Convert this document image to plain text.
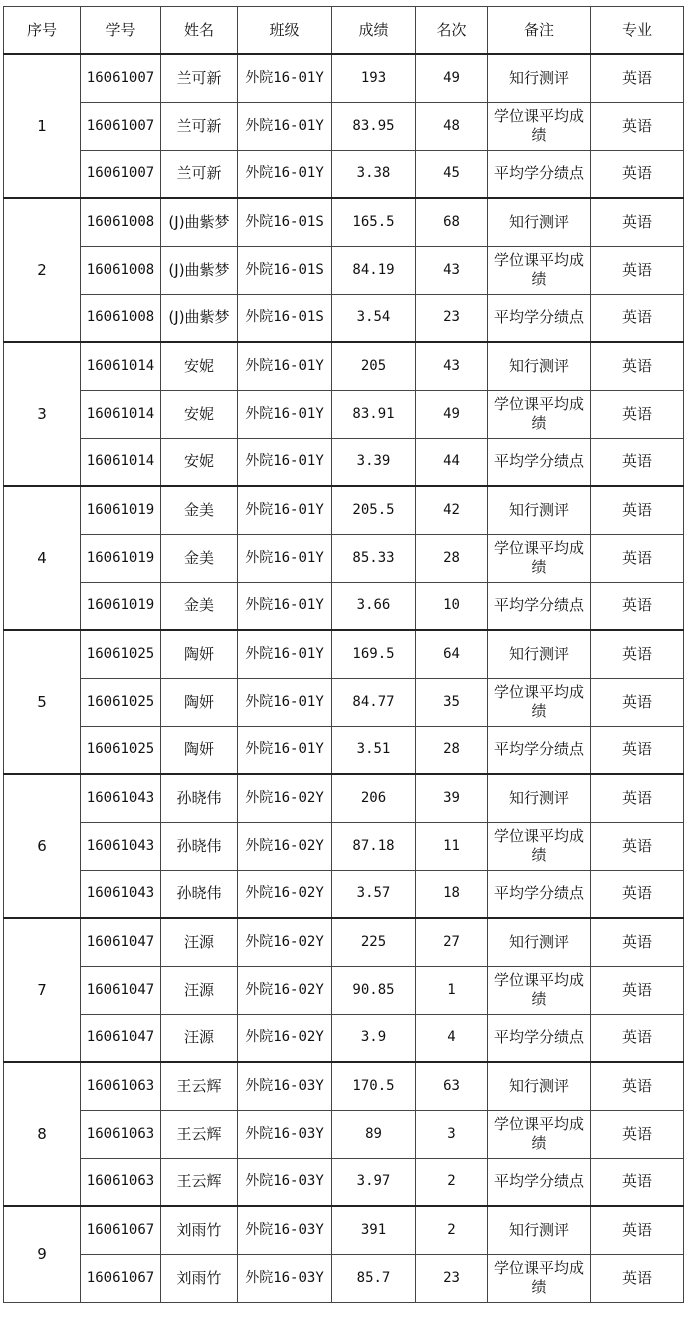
序号	学号	姓名	班级	成绩	名次	备注	专业
1	16061007	兰可新	外院16-01Y	193	49	知行测评	英语
	16061007	兰可新	外院16-01Y	83.95	48	学位课平均成绩	英语
	16061007	兰可新	外院16-01Y	3.38	45	平均学分绩点	英语
2	16061008	(J)曲紫梦	外院16-01S	165.5	68	知行测评	英语
	16061008	(J)曲紫梦	外院16-01S	84.19	43	学位课平均成绩	英语
	16061008	(J)曲紫梦	外院16-01S	3.54	23	平均学分绩点	英语
3	16061014	安妮	外院16-01Y	205	43	知行测评	英语
	16061014	安妮	外院16-01Y	83.91	49	学位课平均成绩	英语
	16061014	安妮	外院16-01Y	3.39	44	平均学分绩点	英语
4	16061019	金美	外院16-01Y	205.5	42	知行测评	英语
	16061019	金美	外院16-01Y	85.33	28	学位课平均成绩	英语
	16061019	金美	外院16-01Y	3.66	10	平均学分绩点	英语
5	16061025	陶妍	外院16-01Y	169.5	64	知行测评	英语
	16061025	陶妍	外院16-01Y	84.77	35	学位课平均成绩	英语
	16061025	陶妍	外院16-01Y	3.51	28	平均学分绩点	英语
6	16061043	孙晓伟	外院16-02Y	206	39	知行测评	英语
	16061043	孙晓伟	外院16-02Y	87.18	11	学位课平均成绩	英语
	16061043	孙晓伟	外院16-02Y	3.57	18	平均学分绩点	英语
7	16061047	汪源	外院16-02Y	225	27	知行测评	英语
	16061047	汪源	外院16-02Y	90.85	1	学位课平均成绩	英语
	16061047	汪源	外院16-02Y	3.9	4	平均学分绩点	英语
8	16061063	王云辉	外院16-03Y	170.5	63	知行测评	英语
	16061063	王云辉	外院16-03Y	89	3	学位课平均成绩	英语
	16061063	王云辉	外院16-03Y	3.97	2	平均学分绩点	英语
9	16061067	刘雨竹	外院16-03Y	391	2	知行测评	英语
	16061067	刘雨竹	外院16-03Y	85.7	23	学位课平均成绩	英语
